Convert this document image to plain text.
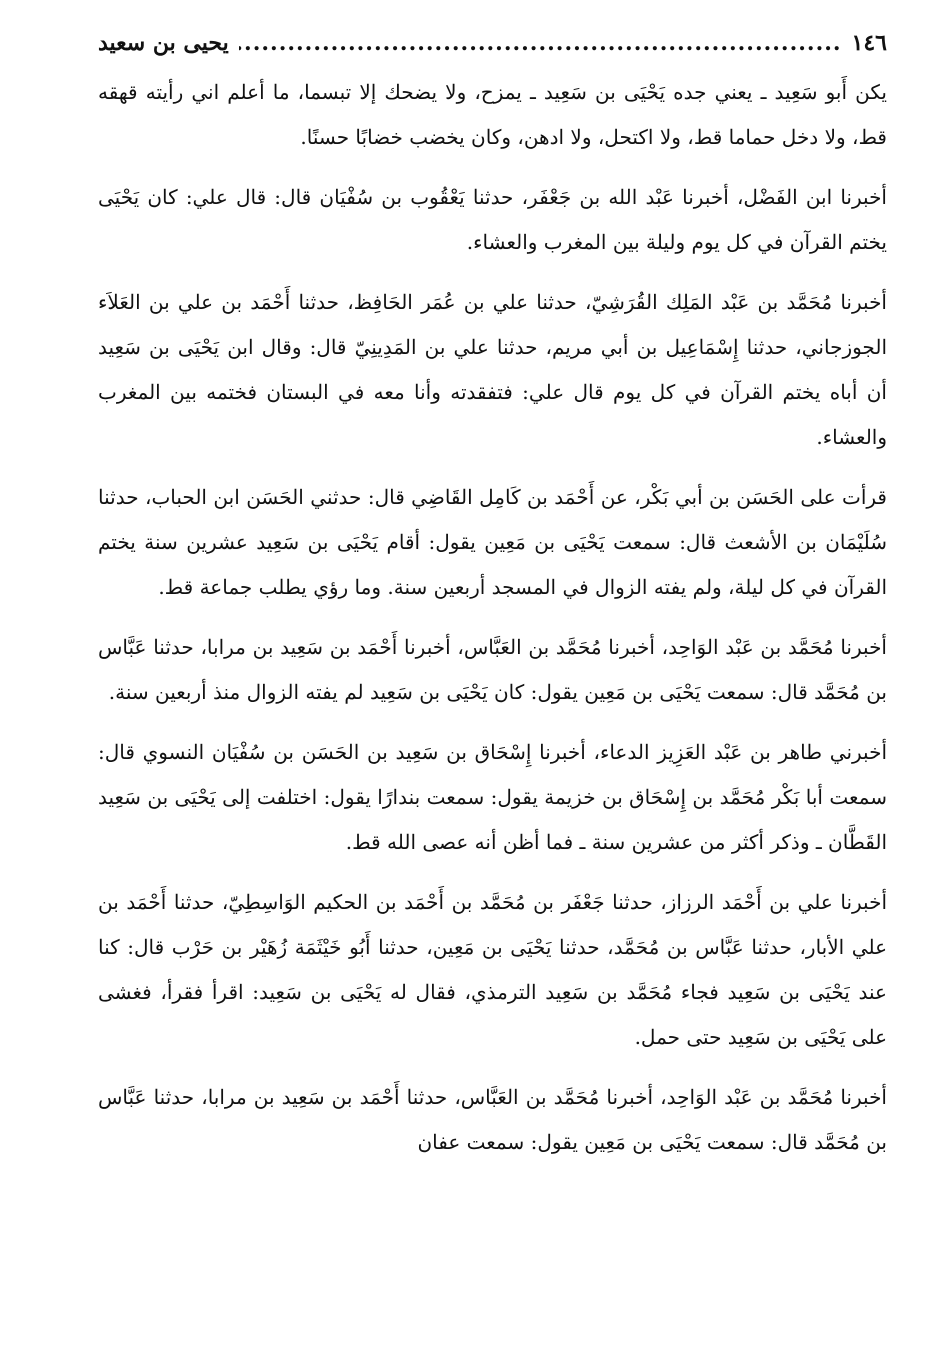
١٤٦
.....
يحيى بن سعيد

يكن أَبو سَعِيد ـ يعني جده يَحْيَى بن سَعِيد ـ يمزح، ولا يضحك إلا تبسما، ما أعلم اني رأيته قهقه قط، ولا دخل حماما قط، ولا اكتحل، ولا ادهن، وكان يخضب خضابًا حسنًا.

أخبرنا ابن الفَضْل، أخبرنا عَبْد الله بن جَعْفَر، حدثنا يَعْقُوب بن سُفْيَان قال: قال علي: كان يَحْيَى يختم القرآن في كل يوم وليلة بين المغرب والعشاء.

أخبرنا مُحَمَّد بن عَبْد المَلِك القُرَشِيّ، حدثنا علي بن عُمَر الحَافِظ، حدثنا أَحْمَد بن علي بن العَلاَء الجوزجاني، حدثنا إِسْمَاعِيل بن أبي مريم، حدثنا علي بن المَدِينِيّ قال: وقال ابن يَحْيَى بن سَعِيد أن أباه يختم القرآن في كل يوم قال علي: فتفقدته وأنا معه في البستان فختمه بين المغرب والعشاء.

قرأت على الحَسَن بن أبي بَكْر، عن أَحْمَد بن كَامِل القَاضِي قال: حدثني الحَسَن ابن الحباب، حدثنا سُلَيْمَان بن الأشعث قال: سمعت يَحْيَى بن مَعِين يقول: أقام يَحْيَى بن سَعِيد عشرين سنة يختم القرآن في كل ليلة، ولم يفته الزوال في المسجد أربعين سنة. وما رؤي يطلب جماعة قط.

أخبرنا مُحَمَّد بن عَبْد الوَاحِد، أخبرنا مُحَمَّد بن العَبَّاس، أخبرنا أَحْمَد بن سَعِيد بن مرابا، حدثنا عَبَّاس بن مُحَمَّد قال: سمعت يَحْيَى بن مَعِين يقول: كان يَحْيَى بن سَعِيد لم يفته الزوال منذ أربعين سنة.

أخبرني طاهر بن عَبْد العَزِيز الدعاء، أخبرنا إِسْحَاق بن سَعِيد بن الحَسَن بن سُفْيَان النسوي قال: سمعت أبا بَكْر مُحَمَّد بن إِسْحَاق بن خزيمة يقول: سمعت بندارًا يقول: اختلفت إلى يَحْيَى بن سَعِيد القَطَّان ـ وذكر أكثر من عشرين سنة ـ فما أظن أنه عصى الله قط.

أخبرنا علي بن أَحْمَد الرزاز، حدثنا جَعْفَر بن مُحَمَّد بن أَحْمَد بن الحكيم الوَاسِطِيّ، حدثنا أَحْمَد بن علي الأبار، حدثنا عَبَّاس بن مُحَمَّد، حدثنا يَحْيَى بن مَعِين، حدثنا أَبُو خَيْثَمَة زُهَيْر بن حَرْب قال: كنا عند يَحْيَى بن سَعِيد فجاء مُحَمَّد بن سَعِيد الترمذي، فقال له يَحْيَى بن سَعِيد: اقرأ فقرأ، فغشى على يَحْيَى بن سَعِيد حتى حمل.

أخبرنا مُحَمَّد بن عَبْد الوَاحِد، أخبرنا مُحَمَّد بن العَبَّاس، حدثنا أَحْمَد بن سَعِيد بن مرابا، حدثنا عَبَّاس بن مُحَمَّد قال: سمعت يَحْيَى بن مَعِين يقول: سمعت عفان
